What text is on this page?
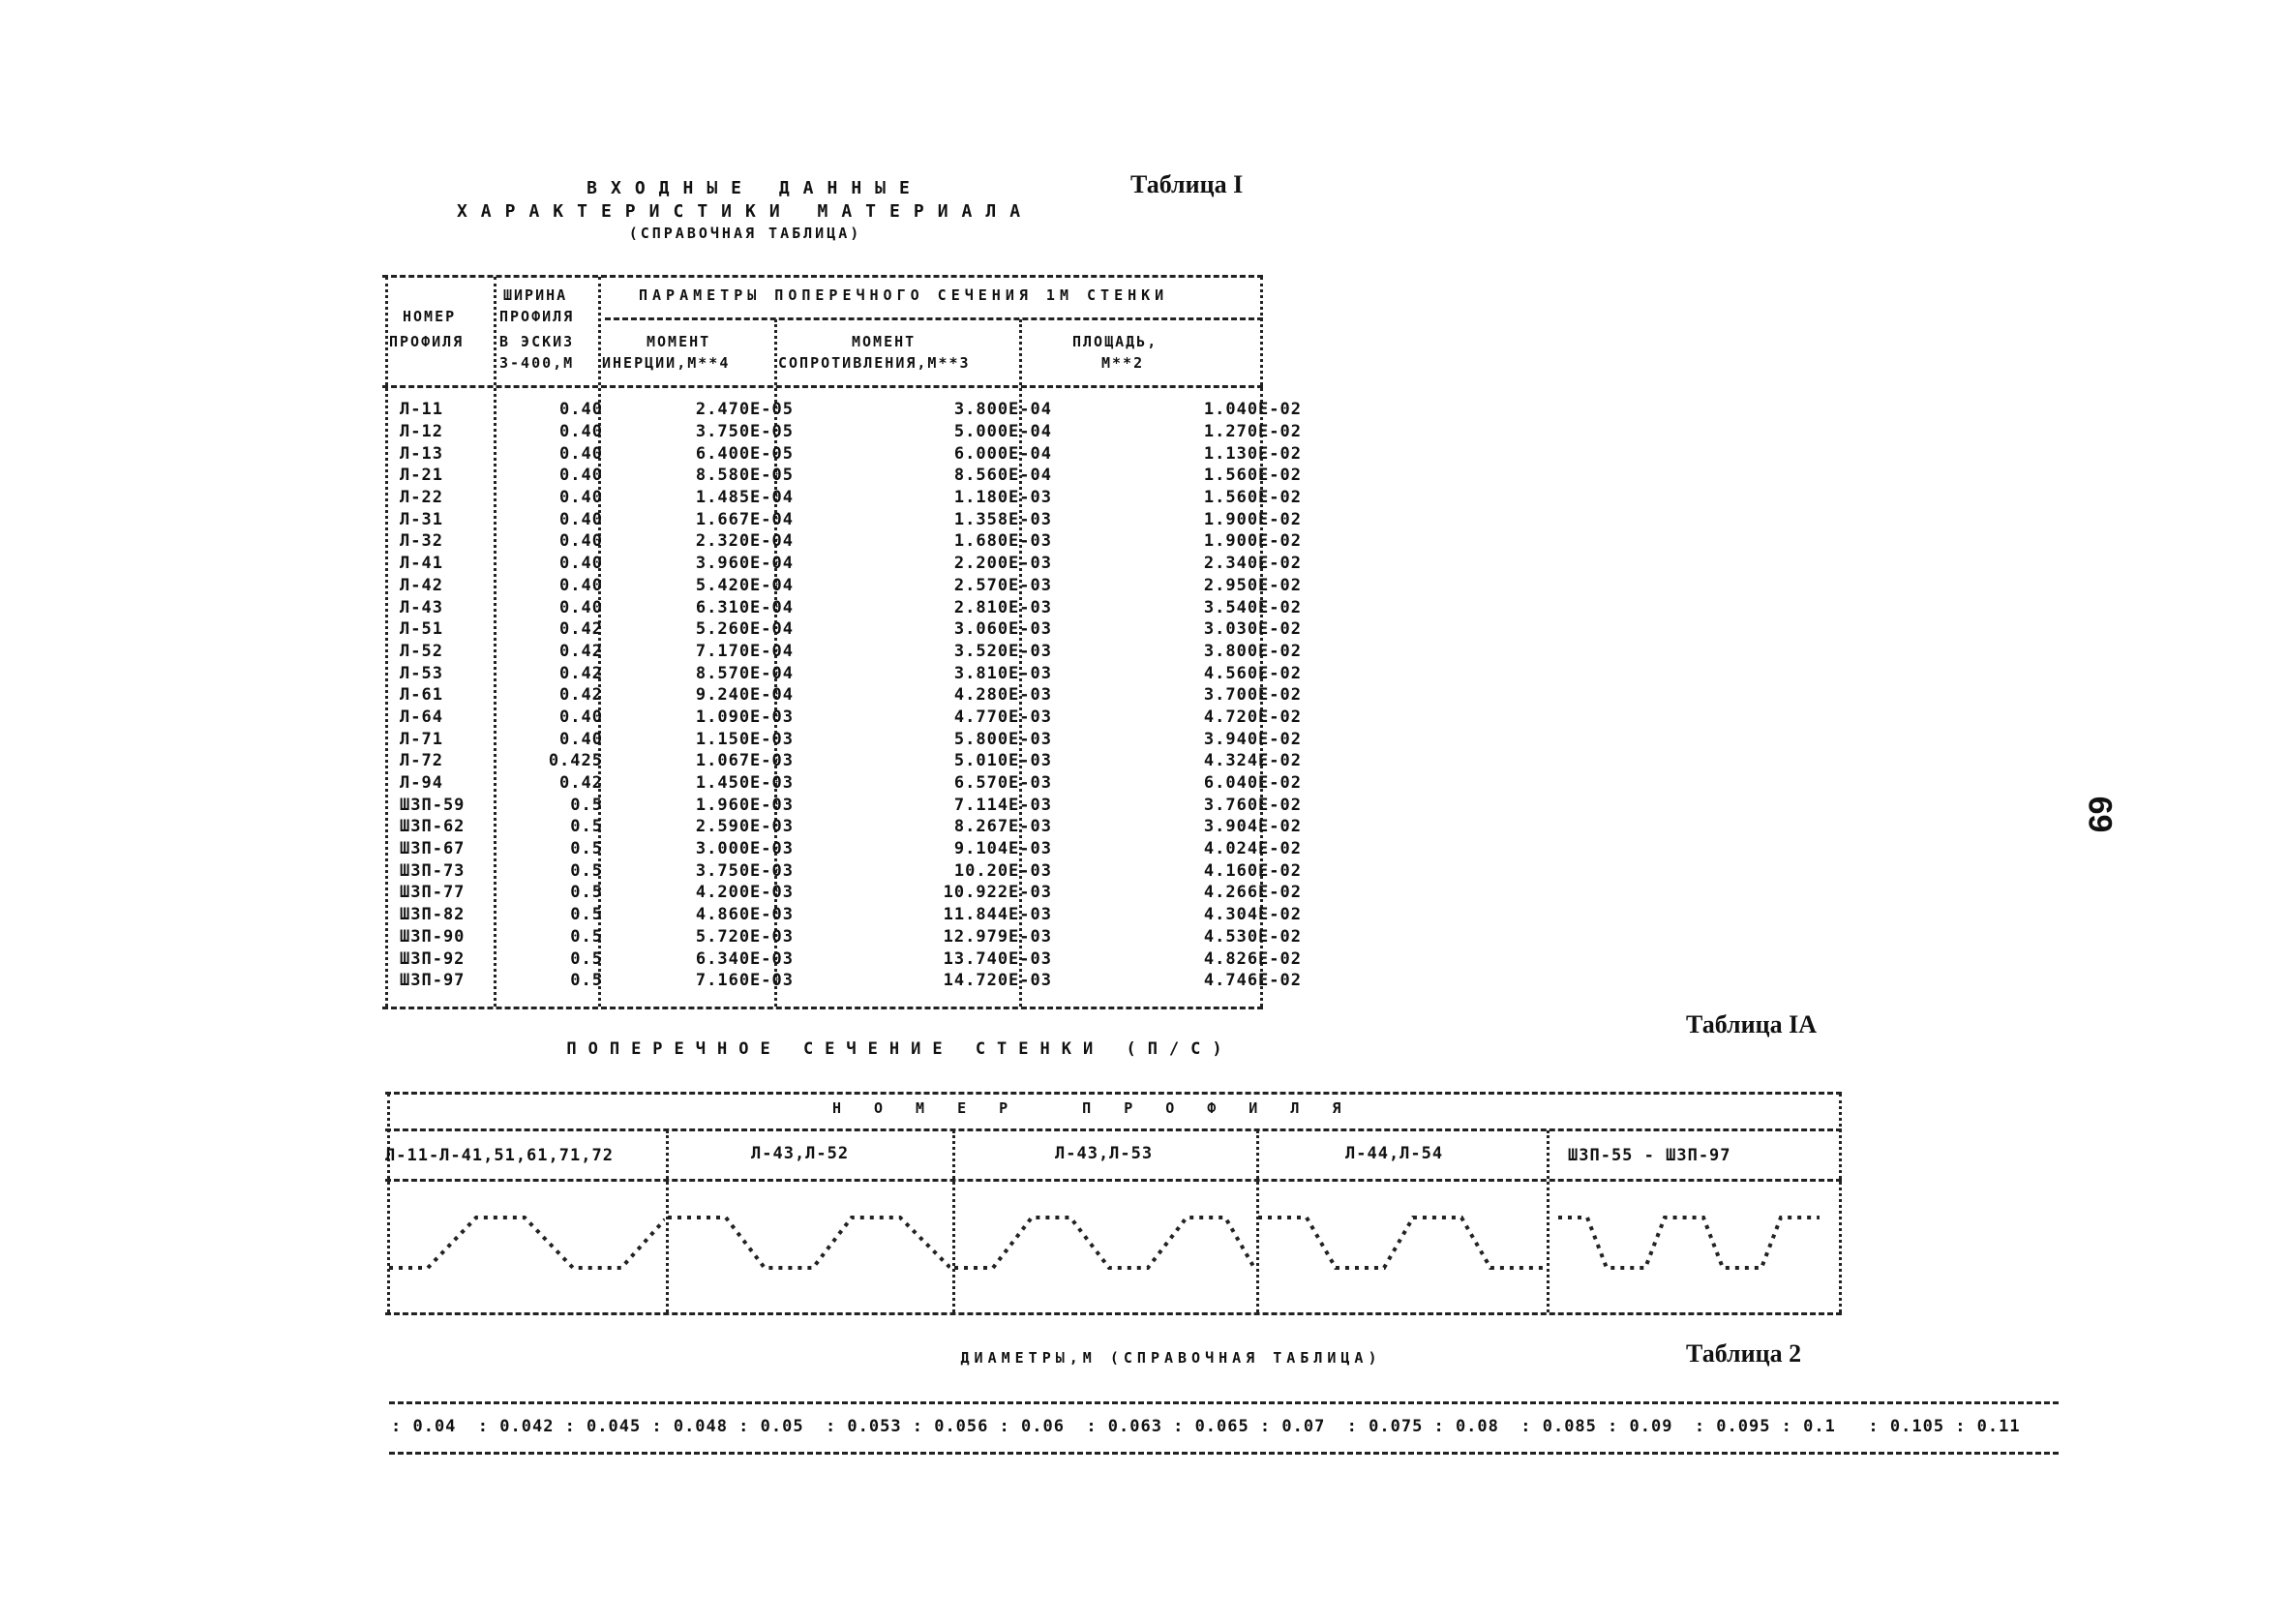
Таблица I
ВХОДНЫЕ ДАННЫЕ
ХАРАКТЕРИСТИКИ МАТЕРИАЛА
(СПРАВОЧНАЯ ТАБЛИЦА)
НОМЕР
ПРОФИЛЯ
ШИРИНА
ПРОФИЛЯ
В ЭСКИЗ
З-400,М
ПАРАМЕТРЫ ПОПЕРЕЧНОГО СЕЧЕНИЯ 1М СТЕНКИ
МОМЕНТ
ИНЕРЦИИ,М**4
МОМЕНТ
СОПРОТИВЛЕНИЯ,М**3
ПЛОЩАДЬ,
М**2
Л-11	0.40	2.470E-05	3.800E-04	1.040E-02
Л-12	0.40	3.750E-05	5.000E-04	1.270E-02
Л-13	0.40	6.400E-05	6.000E-04	1.130E-02
Л-21	0.40	8.580E-05	8.560E-04	1.560E-02
Л-22	0.40	1.485E-04	1.180E-03	1.560E-02
Л-31	0.40	1.667E-04	1.358E-03	1.900E-02
Л-32	0.40	2.320E-04	1.680E-03	1.900E-02
Л-41	0.40	3.960E-04	2.200E-03	2.340E-02
Л-42	0.40	5.420E-04	2.570E-03	2.950E-02
Л-43	0.40	6.310E-04	2.810E-03	3.540E-02
Л-51	0.42	5.260E-04	3.060E-03	3.030E-02
Л-52	0.42	7.170E-04	3.520E-03	3.800E-02
Л-53	0.42	8.570E-04	3.810E-03	4.560E-02
Л-61	0.42	9.240E-04	4.280E-03	3.700E-02
Л-64	0.40	1.090E-03	4.770E-03	4.720E-02
Л-71	0.40	1.150E-03	5.800E-03	3.940E-02
Л-72	0.425	1.067E-03	5.010E-03	4.324E-02
Л-94	0.42	1.450E-03	6.570E-03	6.040E-02
ШЗП-59	0.5	1.960E-03	7.114E-03	3.760E-02
ШЗП-62	0.5	2.590E-03	8.267E-03	3.904E-02
ШЗП-67	0.5	3.000E-03	9.104E-03	4.024E-02
ШЗП-73	0.5	3.750E-03	10.20E-03	4.160E-02
ШЗП-77	0.5	4.200E-03	10.922E-03	4.266E-02
ШЗП-82	0.5	4.860E-03	11.844E-03	4.304E-02
ШЗП-90	0.5	5.720E-03	12.979E-03	4.530E-02
ШЗП-92	0.5	6.340E-03	13.740E-03	4.826E-02
ШЗП-97	0.5	7.160E-03	14.720E-03	4.746E-02
69
Таблица IA
ПОПЕРЕЧНОЕ СЕЧЕНИЕ СТЕНКИ (П/С)
НОМЕР ПРОФИЛЯ
Л-11-Л-41,51,61,71,72	Л-43,Л-52	Л-43,Л-53	Л-44,Л-54	ШЗП-55 - ШЗП-97
Таблица 2
ДИАМЕТРЫ,М (СПРАВОЧНАЯ ТАБЛИЦА)
: 0.04 : 0.042 : 0.045 : 0.048 : 0.05 : 0.053 : 0.056 : 0.06 : 0.063 : 0.065 : 0.07 : 0.075 : 0.08 : 0.085 : 0.09 : 0.095 : 0.1 : 0.105 : 0.11
